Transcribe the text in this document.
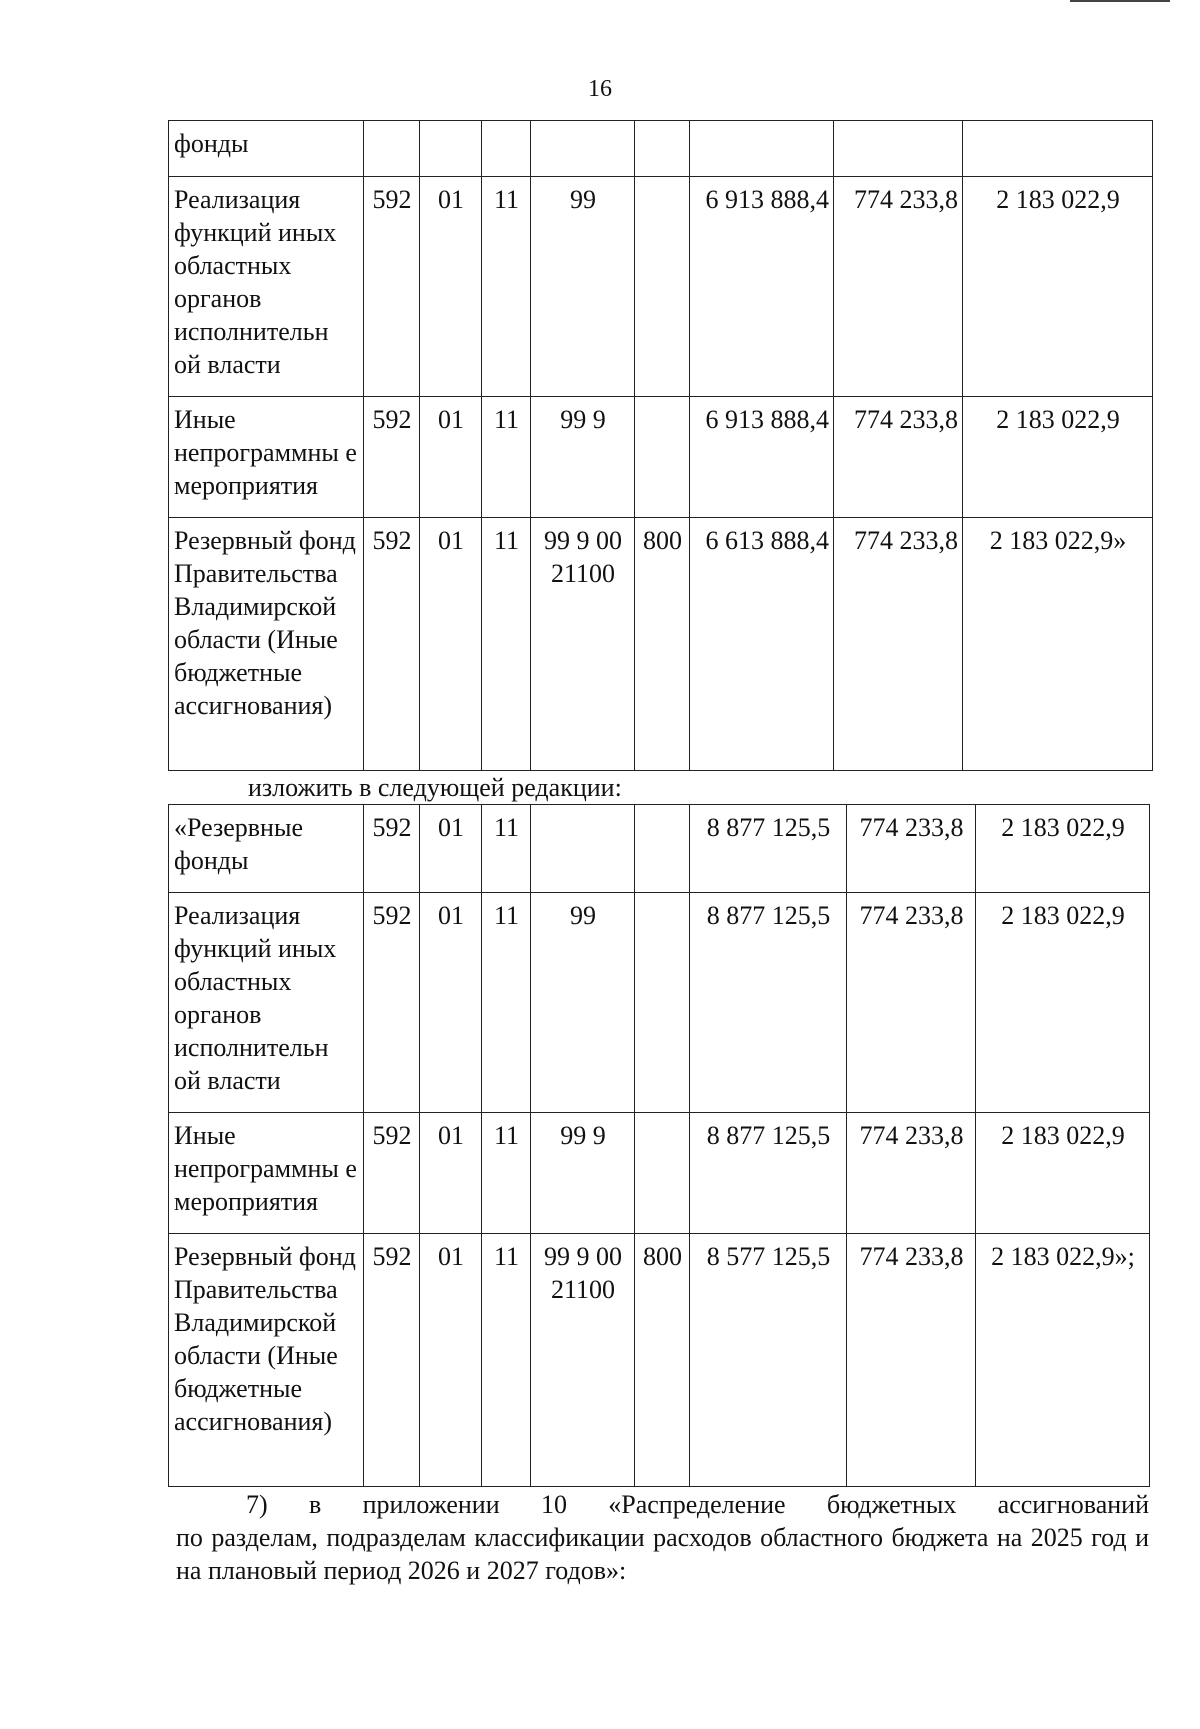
16
фонды								
Реализация функций иных областных органов исполнительн ой власти	592	01	11	99		6 913 888,4	774 233,8	2 183 022,9
Иные непрограммны е мероприятия	592	01	11	99 9		6 913 888,4	774 233,8	2 183 022,9
Резервный фонд Правительства Владимирской области (Иные бюджетные ассигнования)	592	01	11	99 9 00 21100	800	6 613 888,4	774 233,8	2 183 022,9»
изложить в следующей редакции:
«Резервные фонды	592	01	11			8 877 125,5	774 233,8	2 183 022,9
Реализация функций иных областных органов исполнительн ой власти	592	01	11	99		8 877 125,5	774 233,8	2 183 022,9
Иные непрограммны е мероприятия	592	01	11	99 9		8 877 125,5	774 233,8	2 183 022,9
Резервный фонд Правительства Владимирской области (Иные бюджетные ассигнования)	592	01	11	99 9 00 21100	800	8 577 125,5	774 233,8	2 183 022,9»;
7) в приложении 10 «Распределение бюджетных ассигнований
по разделам, подразделам классификации расходов областного бюджета на 2025 год и на плановый период 2026 и 2027 годов»:
